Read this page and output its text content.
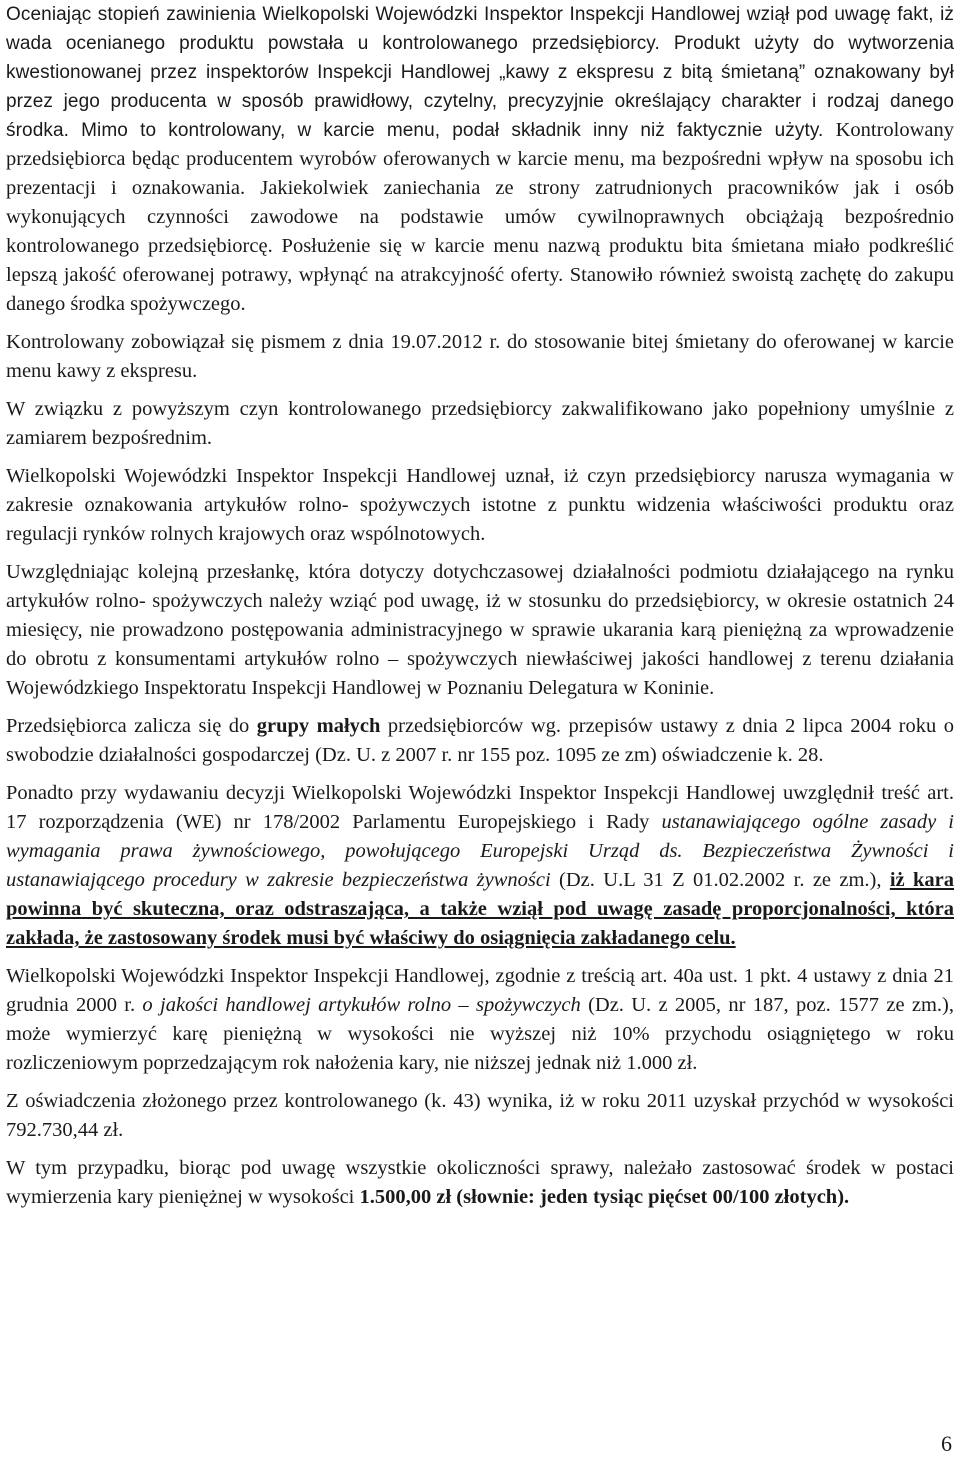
Oceniając stopień zawinienia Wielkopolski Wojewódzki Inspektor Inspekcji Handlowej wziął pod uwagę fakt, iż wada ocenianego produktu powstała u kontrolowanego przedsiębiorcy. Produkt użyty do wytworzenia kwestionowanej przez inspektorów Inspekcji Handlowej „kawy z ekspresu z bitą śmietaną” oznakowany był przez jego producenta w sposób prawidłowy, czytelny, precyzyjnie określający charakter i rodzaj danego środka. Mimo to kontrolowany, w karcie menu, podał składnik inny niż faktycznie użyty. Kontrolowany przedsiębiorca będąc producentem wyrobów oferowanych w karcie menu, ma bezpośredni wpływ na sposobu ich prezentacji i oznakowania. Jakiekolwiek zaniechania ze strony zatrudnionych pracowników jak i osób wykonujących czynności zawodowe na podstawie umów cywilnoprawnych obciążają bezpośrednio kontrolowanego przedsiębiorcę. Posłużenie się w karcie menu nazwą produktu bita śmietana miało podkreślić lepszą jakość oferowanej potrawy, wpłynąć na atrakcyjność oferty. Stanowiło również swoistą zachętę do zakupu danego środka spożywczego.

Kontrolowany zobowiązał się pismem z dnia 19.07.2012 r. do stosowanie bitej śmietany do oferowanej w karcie menu kawy z ekspresu.

W związku z powyższym czyn kontrolowanego przedsiębiorcy zakwalifikowano jako popełniony umyślnie z zamiarem bezpośrednim.

Wielkopolski Wojewódzki Inspektor Inspekcji Handlowej uznał, iż czyn przedsiębiorcy narusza wymagania w zakresie oznakowania artykułów rolno- spożywczych istotne z punktu widzenia właściwości produktu oraz regulacji rynków rolnych krajowych oraz wspólnotowych.

Uwzględniając kolejną przesłankę, która dotyczy dotychczasowej działalności podmiotu działającego na rynku artykułów rolno- spożywczych należy wziąć pod uwagę, iż w stosunku do przedsiębiorcy, w okresie ostatnich 24 miesięcy, nie prowadzono postępowania administracyjnego w sprawie ukarania karą pieniężną za wprowadzenie do obrotu z konsumentami artykułów rolno – spożywczych niewłaściwej jakości handlowej z terenu działania Wojewódzkiego Inspektoratu Inspekcji Handlowej w Poznaniu Delegatura w Koninie.

Przedsiębiorca zalicza się do grupy małych przedsiębiorców wg. przepisów ustawy z dnia 2 lipca 2004 roku o swobodzie działalności gospodarczej (Dz. U. z 2007 r. nr 155 poz. 1095 ze zm) oświadczenie k. 28.

Ponadto przy wydawaniu decyzji Wielkopolski Wojewódzki Inspektor Inspekcji Handlowej uwzględnił treść art. 17 rozporządzenia (WE) nr 178/2002 Parlamentu Europejskiego i Rady ustanawiającego ogólne zasady i wymagania prawa żywnościowego, powołującego Europejski Urząd ds. Bezpieczeństwa Żywności i ustanawiającego procedury w zakresie bezpieczeństwa żywności (Dz. U.L 31 Z 01.02.2002 r. ze zm.), iż kara powinna być skuteczna, oraz odstraszająca, a także wziął pod uwagę zasadę proporcjonalności, która zakłada, że zastosowany środek musi być właściwy do osiągnięcia zakładanego celu.

Wielkopolski Wojewódzki Inspektor Inspekcji Handlowej, zgodnie z treścią art. 40a ust. 1 pkt. 4 ustawy z dnia 21 grudnia 2000 r. o jakości handlowej artykułów rolno – spożywczych (Dz. U. z 2005, nr 187, poz. 1577 ze zm.), może wymierzyć karę pieniężną w wysokości nie wyższej niż 10% przychodu osiągniętego w roku rozliczeniowym poprzedzającym rok nałożenia kary, nie niższej jednak niż 1.000 zł.

Z oświadczenia złożonego przez kontrolowanego (k. 43) wynika, iż w roku 2011 uzyskał przychód w wysokości 792.730,44 zł.

W tym przypadku, biorąc pod uwagę wszystkie okoliczności sprawy, należało zastosować środek w postaci wymierzenia kary pieniężnej w wysokości 1.500,00 zł (słownie: jeden tysiąc pięćset 00/100 złotych).

6
